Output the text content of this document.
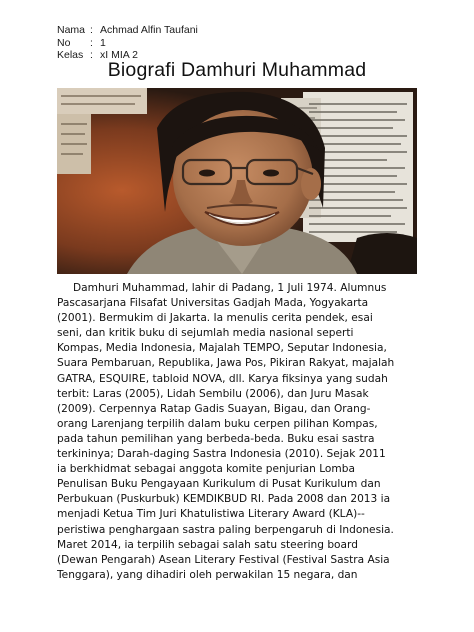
Nama : Achmad Alfin Taufani
No	: 1
Kelas : xI MIA 2
Biografi Damhuri Muhammad
Damhuri Muhammad, lahir di Padang, 1 Juli 1974. Alumnus
Pascasarjana Filsafat Universitas Gadjah Mada, Yogyakarta
(2001). Bermukim di Jakarta. Ia menulis cerita pendek, esai
seni, dan kritik buku di sejumlah media nasional seperti
Kompas, Media Indonesia, Majalah TEMPO, Seputar Indonesia,
Suara Pembaruan, Republika, Jawa Pos, Pikiran Rakyat, majalah
GATRA, ESQUIRE, tabloid NOVA, dll. Karya fiksinya yang sudah
terbit: Laras (2005), Lidah Sembilu (2006), dan Juru Masak
(2009). Cerpennya Ratap Gadis Suayan, Bigau, dan Orang-
orang Larenjang terpilih dalam buku cerpen pilihan Kompas,
pada tahun pemilihan yang berbeda-beda. Buku esai sastra
terkininya; Darah-daging Sastra Indonesia (2010). Sejak 2011
ia berkhidmat sebagai anggota komite penjurian Lomba
Penulisan Buku Pengayaan Kurikulum di Pusat Kurikulum dan
Perbukuan (Puskurbuk) KEMDIKBUD RI. Pada 2008 dan 2013 ia
menjadi Ketua Tim Juri Khatulistiwa Literary Award (KLA)--
peristiwa penghargaan sastra paling berpengaruh di Indonesia.
Maret 2014, ia terpilih sebagai salah satu steering board
(Dewan Pengarah) Asean Literary Festival (Festival Sastra Asia
Tenggara), yang dihadiri oleh perwakilan 15 negara, dan
